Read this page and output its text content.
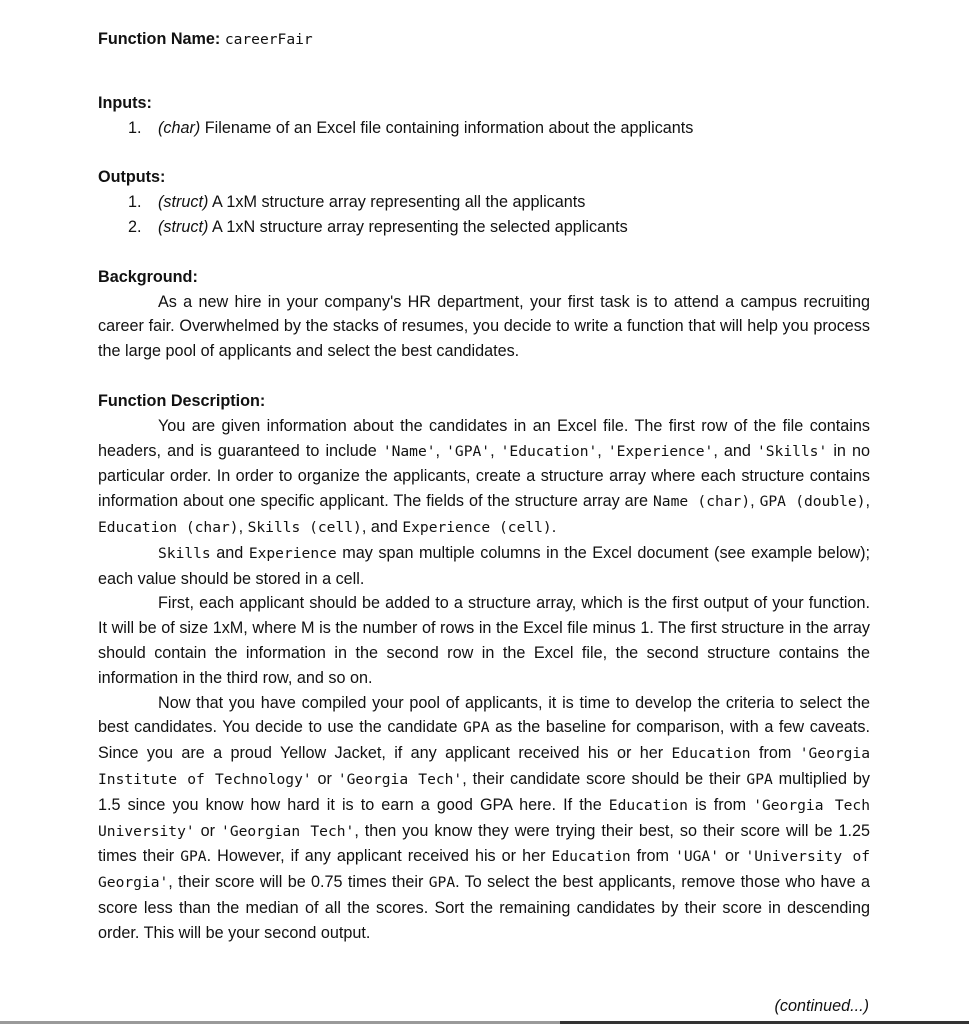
Function Name: careerFair
Inputs:
1. (char) Filename of an Excel file containing information about the applicants
Outputs:
1. (struct) A 1xM structure array representing all the applicants
2. (struct) A 1xN structure array representing the selected applicants
Background:

As a new hire in your company's HR department, your first task is to attend a campus recruiting career fair. Overwhelmed by the stacks of resumes, you decide to write a function that will help you process the large pool of applicants and select the best candidates.

Function Description:

You are given information about the candidates in an Excel file. The first row of the file contains headers, and is guaranteed to include 'Name', 'GPA', 'Education', 'Experience', and 'Skills' in no particular order. In order to organize the applicants, create a structure array where each structure contains information about one specific applicant. The fields of the structure array are Name (char), GPA (double), Education (char), Skills (cell), and Experience (cell).

Skills and Experience may span multiple columns in the Excel document (see example below); each value should be stored in a cell.

First, each applicant should be added to a structure array, which is the first output of your function. It will be of size 1xM, where M is the number of rows in the Excel file minus 1. The first structure in the array should contain the information in the second row in the Excel file, the second structure contains the information in the third row, and so on.

Now that you have compiled your pool of applicants, it is time to develop the criteria to select the best candidates. You decide to use the candidate GPA as the baseline for comparison, with a few caveats. Since you are a proud Yellow Jacket, if any applicant received his or her Education from 'Georgia Institute of Technology' or 'Georgia Tech', their candidate score should be their GPA multiplied by 1.5 since you know how hard it is to earn a good GPA here. If the Education is from 'Georgia Tech University' or 'Georgian Tech', then you know they were trying their best, so their score will be 1.25 times their GPA. However, if any applicant received his or her Education from 'UGA' or 'University of Georgia', their score will be 0.75 times their GPA. To select the best applicants, remove those who have a score less than the median of all the scores. Sort the remaining candidates by their score in descending order. This will be your second output.

(continued...)
